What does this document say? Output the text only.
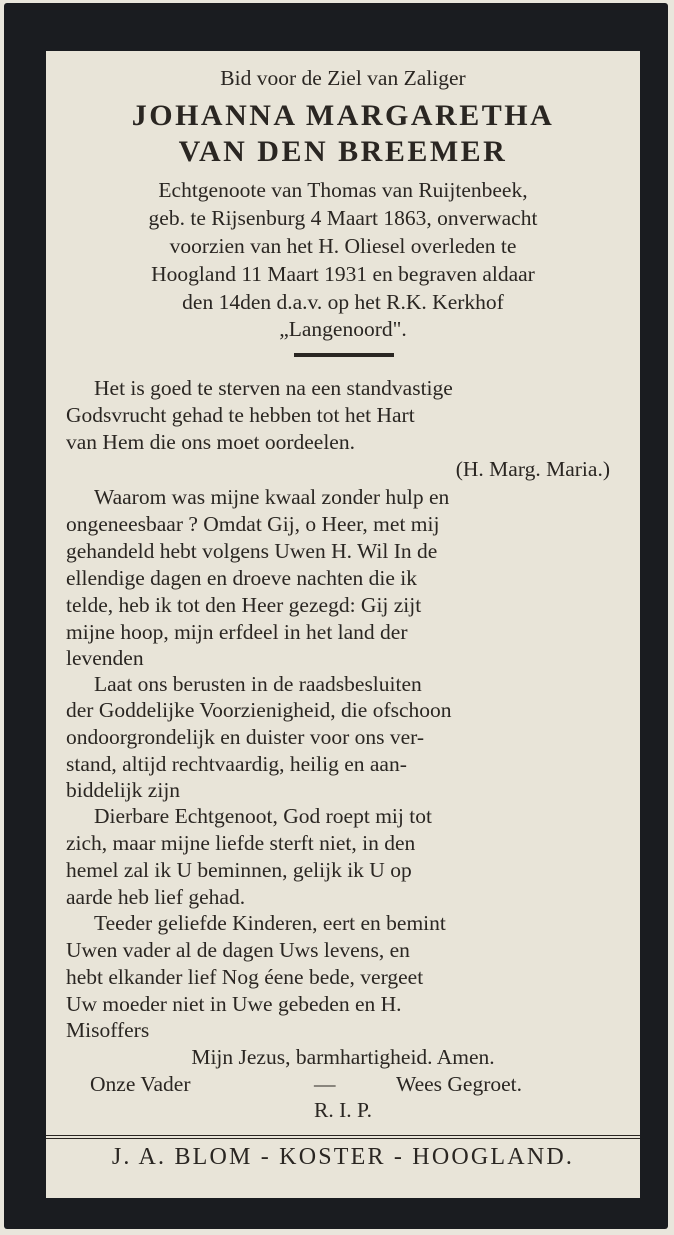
Bid voor de Ziel van Zaliger
JOHANNA MARGARETHA
VAN DEN BREEMER
Echtgenoote van Thomas van Ruijtenbeek,
geb. te Rijsenburg 4 Maart 1863, onverwacht
voorzien van het H. Oliesel overleden te
Hoogland 11 Maart 1931 en begraven aldaar
den 14den d.a.v. op het R.K. Kerkhof
„Langenoord".
Het is goed te sterven na een standvastige
Godsvrucht gehad te hebben tot het Hart
van Hem die ons moet oordeelen.
(H. Marg. Maria.)
Waarom was mijne kwaal zonder hulp en
ongeneesbaar ? Omdat Gij, o Heer, met mij
gehandeld hebt volgens Uwen H. Wil In de
ellendige dagen en droeve nachten die ik
telde, heb ik tot den Heer gezegd: Gij zijt
mijne hoop, mijn erfdeel in het land der
levenden
Laat ons berusten in de raadsbesluiten
der Goddelijke Voorzienigheid, die ofschoon
ondoorgrondelijk en duister voor ons ver-
stand, altijd rechtvaardig, heilig en aan-
biddelijk zijn
Dierbare Echtgenoot, God roept mij tot
zich, maar mijne liefde sterft niet, in den
hemel zal ik U beminnen, gelijk ik U op
aarde heb lief gehad.
Teeder geliefde Kinderen, eert en bemint
Uwen vader al de dagen Uws levens, en
hebt elkander lief Nog éene bede, vergeet
Uw moeder niet in Uwe gebeden en H.
Misoffers
Mijn Jezus, barmhartigheid. Amen.
Onze Vader	—	Wees Gegroet.
R. I. P.
J. A. BLOM - KOSTER - HOOGLAND.
